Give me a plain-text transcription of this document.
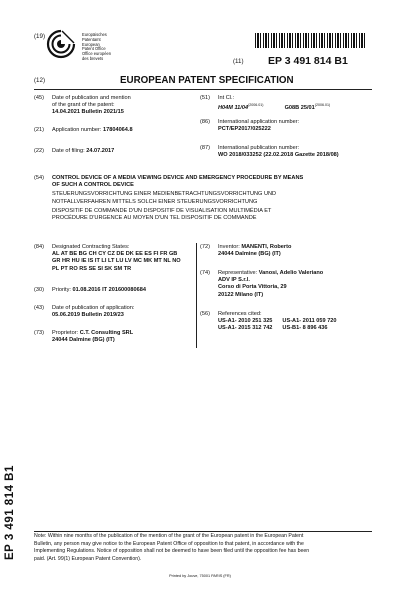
(19)	Europäisches
Patentamt
European
Patent Office
Office européen
des brevets	(11) EP 3 491 814 B1
(12)	EUROPEAN PATENT SPECIFICATION
(45)	Date of publication and mention
of the grant of the patent:
14.04.2021 Bulletin 2021/15
(21) Application number: 17804064.8
(22) Date of filing: 24.07.2017
(51) Int Cl.:
H04M $11/04^{(2006.01)}$	G08B $25/01^{(2006.01)}$
(86) International application number:
PCT/EP2017/025222
(87) International publication number:
WO 2018/033252 (22.02.2018 Gazette 2018/08)
(54) CONTROL DEVICE OF A MEDIA VIEWING DEVICE AND EMERGENCY PROCEDURE BY MEANS
OF SUCH A CONTROL DEVICE
STEUERUNGSVORRICHTUNG EINER MEDIENBETRACHTUNGSVORRICHTUNG UND
NOTFALLVERFAHREN MITTELS SOLCH EINER STEUERUNGSVORRICHTUNG
DISPOSITIF DE COMMANDE D'UN DISPOSITIF DE VISUALISATION MULTIMÉDIA ET
PROCÉDURE D'URGENCE AU MOYEN D'UN TEL DISPOSITIF DE COMMANDE
(84) Designated Contracting States:
AL AT BE BG CH CY CZ DE DK EE ES FI FR GB
GR HR HU IE IS IT LI LT LU LV MC MK MT NL NO
PL PT RO RS SE SI SK SM TR
(30) Priority: 01.08.2016 IT 201600080684
(43) Date of publication of application:
05.06.2019 Bulletin 2019/23
(73) Proprietor: C.T. Consulting SRL
24044 Dalmine (BG) (IT)
(72) Inventor: MANENTI, Roberto
24044 Dalmine (BG) (IT)
(74) Representative: Vanosi, Adelio Valeriano
ADV IP S.r.l.
Corso di Porta Vittoria, 29
20122 Milano (IT)
(56) References cited:
US-A1- 2010 251 325 US-A1- 2011 059 720
US-A1- 2015 312 742 US-B1- 8 896 436
EP 3 491 814 B1	Note: Within nine months of the publication of the mention of the grant of the European patent in the European Patent
Bulletin, any person may give notice to the European Patent Office of opposition to that patent, in accordance with the
Implementing Regulations. Notice of opposition shall not be deemed to have been filed until the opposition fee has been
paid. (Art. 99(1) European Patent Convention).
Printed by Jouve, 75001 PARIS (FR)
